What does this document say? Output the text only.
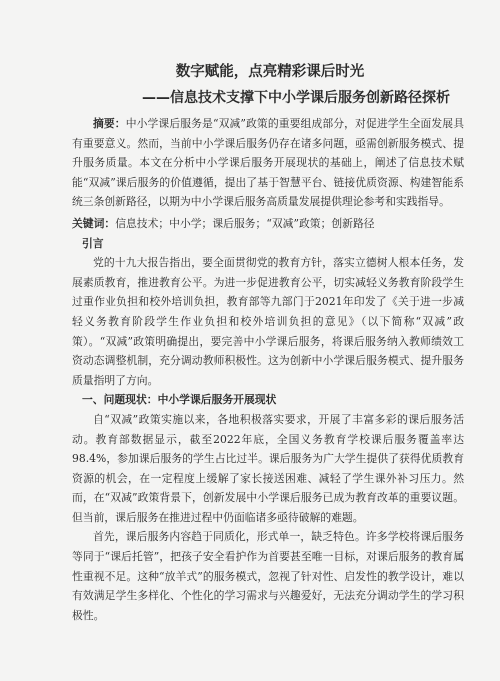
数字赋能，点亮精彩课后时光
——信息技术支撑下中小学课后服务创新路径探析

摘要：中小学课后服务是“双减”政策的重要组成部分，对促进学生全面发展具有重要意义。然而，当前中小学课后服务仍存在诸多问题，亟需创新服务模式、提升服务质量。本文在分析中小学课后服务开展现状的基础上，阐述了信息技术赋能“双减”课后服务的价值遵循，提出了基于智慧平台、链接优质资源、构建智能系统三条创新路径，以期为中小学课后服务高质量发展提供理论参考和实践指导。

关键词：信息技术；中小学；课后服务；“双减”政策；创新路径

引言

党的十九大报告指出，要全面贯彻党的教育方针，落实立德树人根本任务，发展素质教育，推进教育公平。为进一步促进教育公平，切实减轻义务教育阶段学生过重作业负担和校外培训负担，教育部等九部门于2021年印发了《关于进一步减轻义务教育阶段学生作业负担和校外培训负担的意见》（以下简称“双减”政策）。“双减”政策明确提出，要完善中小学课后服务，将课后服务纳入教师绩效工资动态调整机制，充分调动教师积极性。这为创新中小学课后服务模式、提升服务质量指明了方向。

一、问题现状：中小学课后服务开展现状

自“双减”政策实施以来，各地积极落实要求，开展了丰富多彩的课后服务活动。教育部数据显示，截至2022年底，全国义务教育学校课后服务覆盖率达98.4%，参加课后服务的学生占比过半。课后服务为广大学生提供了获得优质教育资源的机会，在一定程度上缓解了家长接送困难、减轻了学生课外补习压力。然而，在“双减”政策背景下，创新发展中小学课后服务已成为教育改革的重要议题。但当前，课后服务在推进过程中仍面临诸多亟待破解的难题。

首先，课后服务内容趋于同质化，形式单一，缺乏特色。许多学校将课后服务等同于“课后托管”，把孩子安全看护作为首要甚至唯一目标，对课后服务的教育属性重视不足。这种“放羊式”的服务模式，忽视了针对性、启发性的教学设计，难以有效满足学生多样化、个性化的学习需求与兴趣爱好，无法充分调动学生的学习积极性。
